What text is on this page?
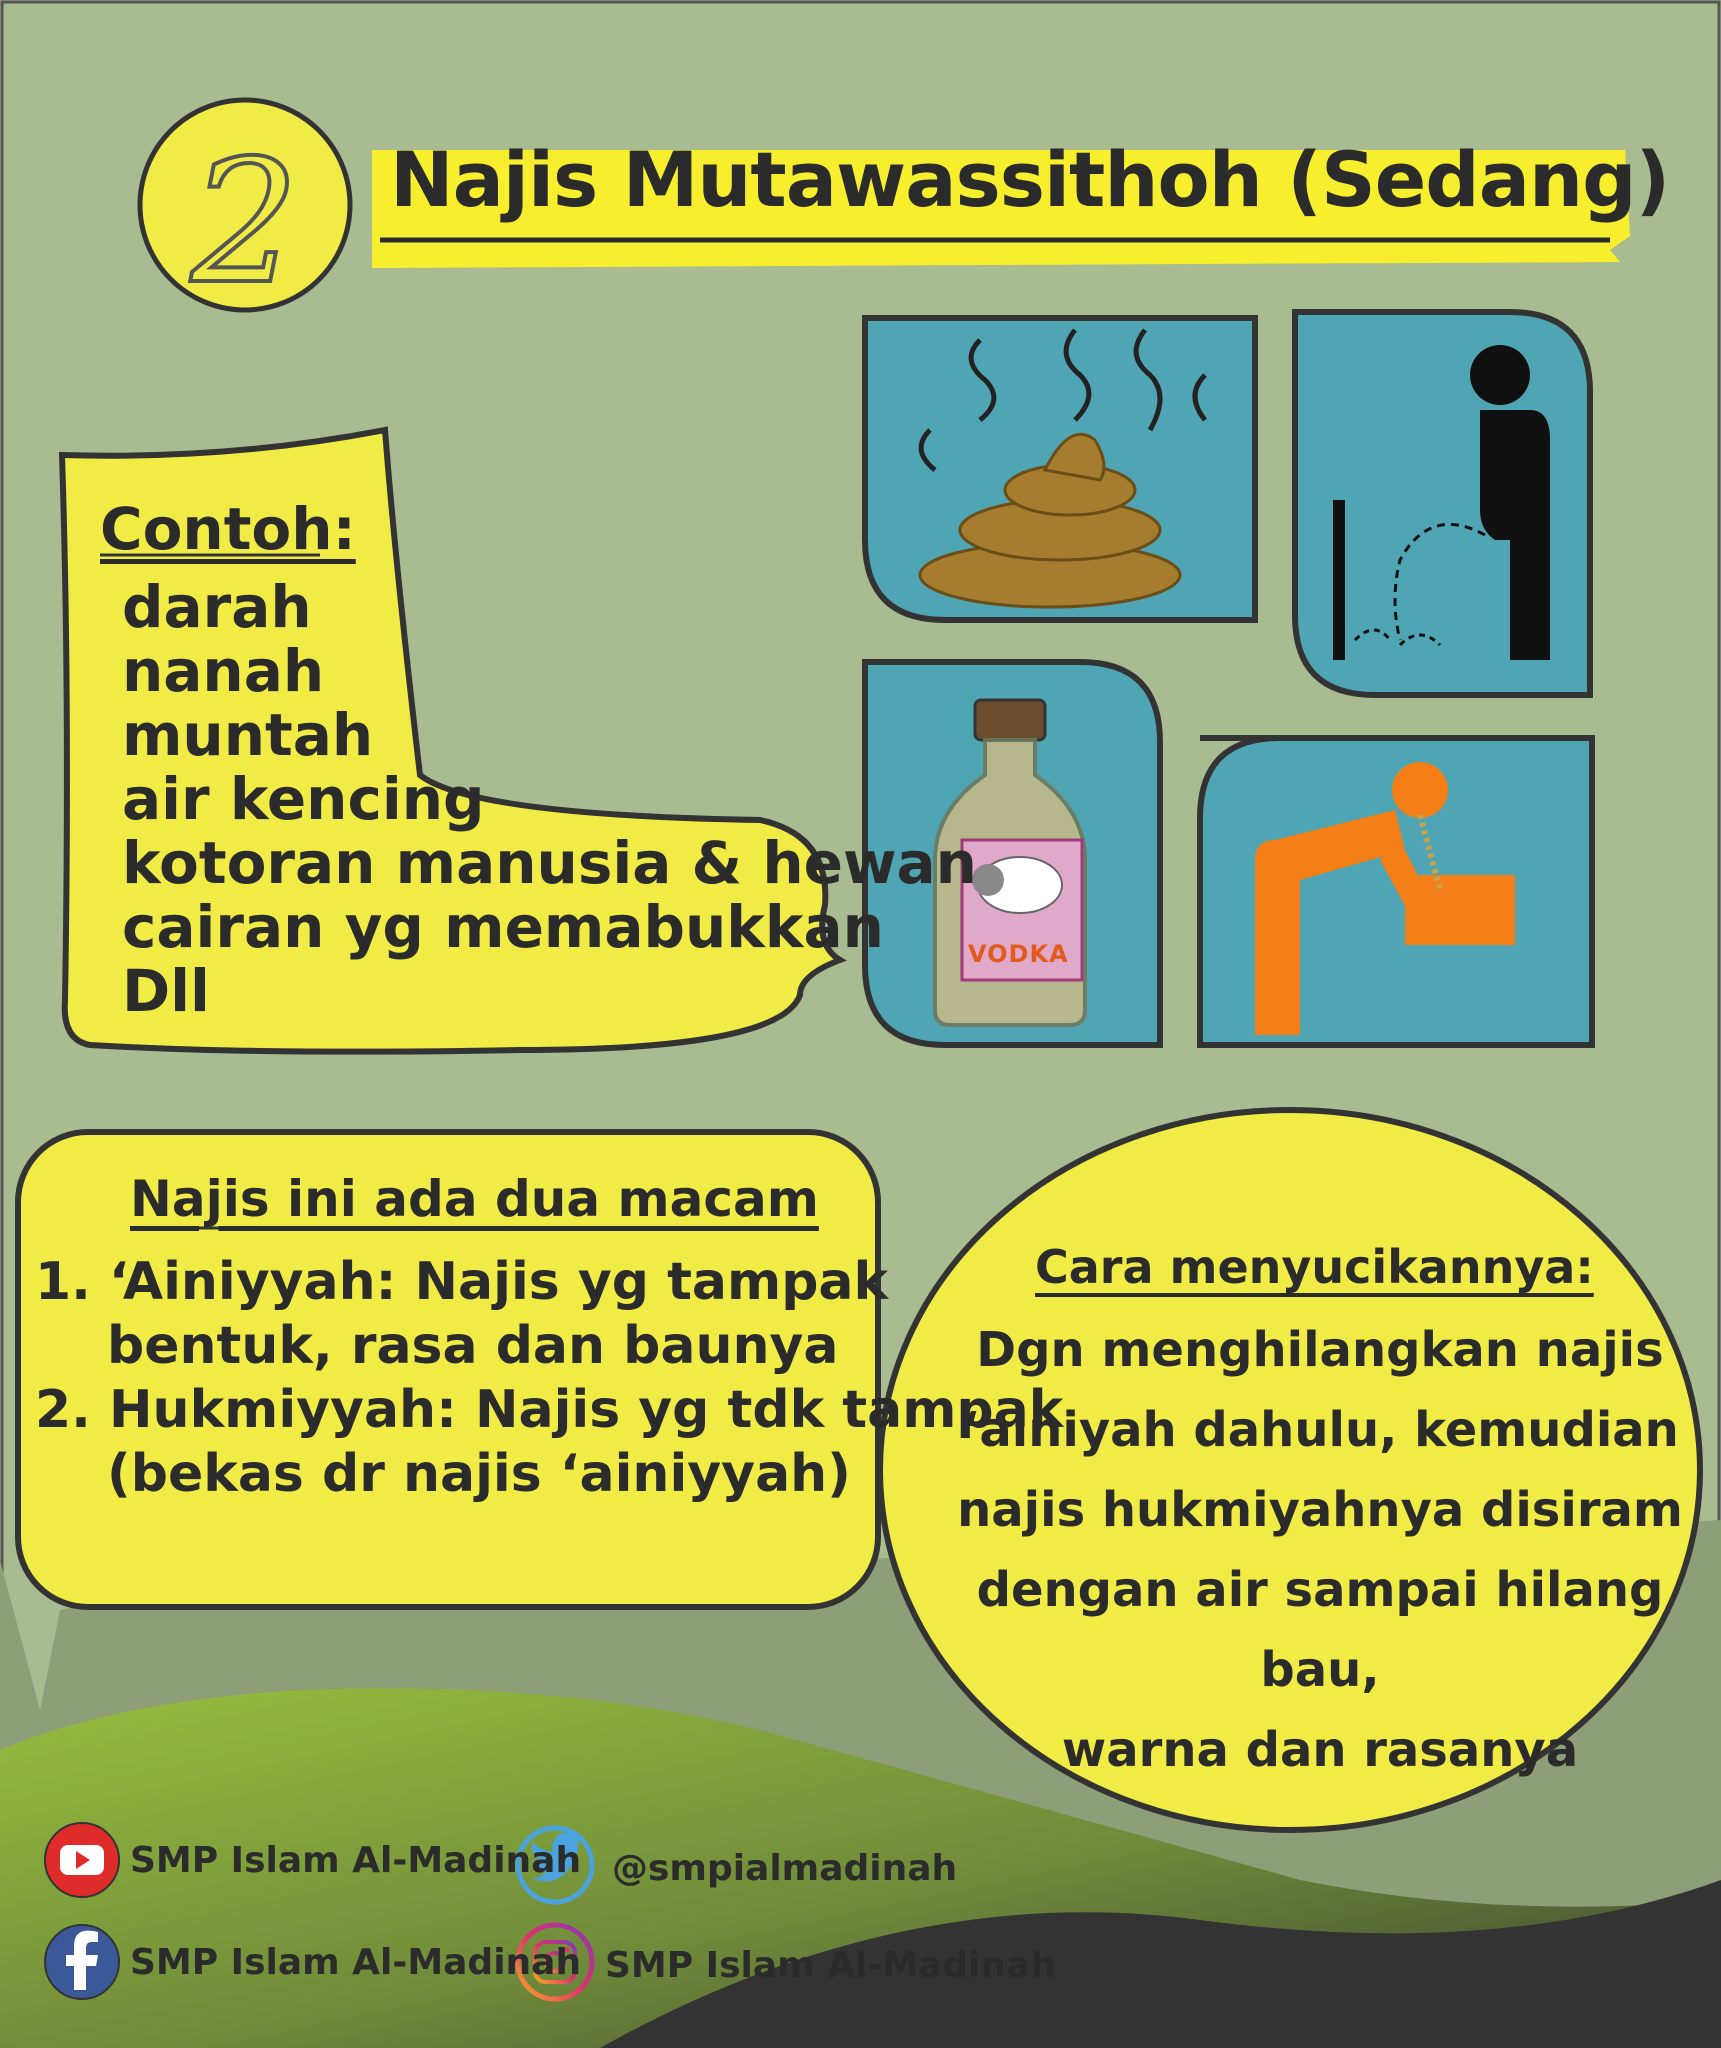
2	Najis Mutawassithoh (Sedang)
VODKA
Contoh:
darah
nanah
muntah
air kencing
kotoran manusia & hewan
cairan yg memabukkan
Dll
Najis ini ada dua macam
1. ‘Ainiyyah: Najis yg tampak
bentuk, rasa dan baunya
2. Hukmiyyah: Najis yg tdk tampak
(bekas dr najis ‘ainiyyah)
Cara menyucikannya:
Dgn menghilangkan najis
‘ainiyah dahulu, kemudian
najis hukmiyahnya disiram
dengan air sampai hilang bau,
warna dan rasanya
SMP Islam Al-Madinah @smpialmadinah
SMP Islam Al-Madinah SMP Islam Al-Madinah
